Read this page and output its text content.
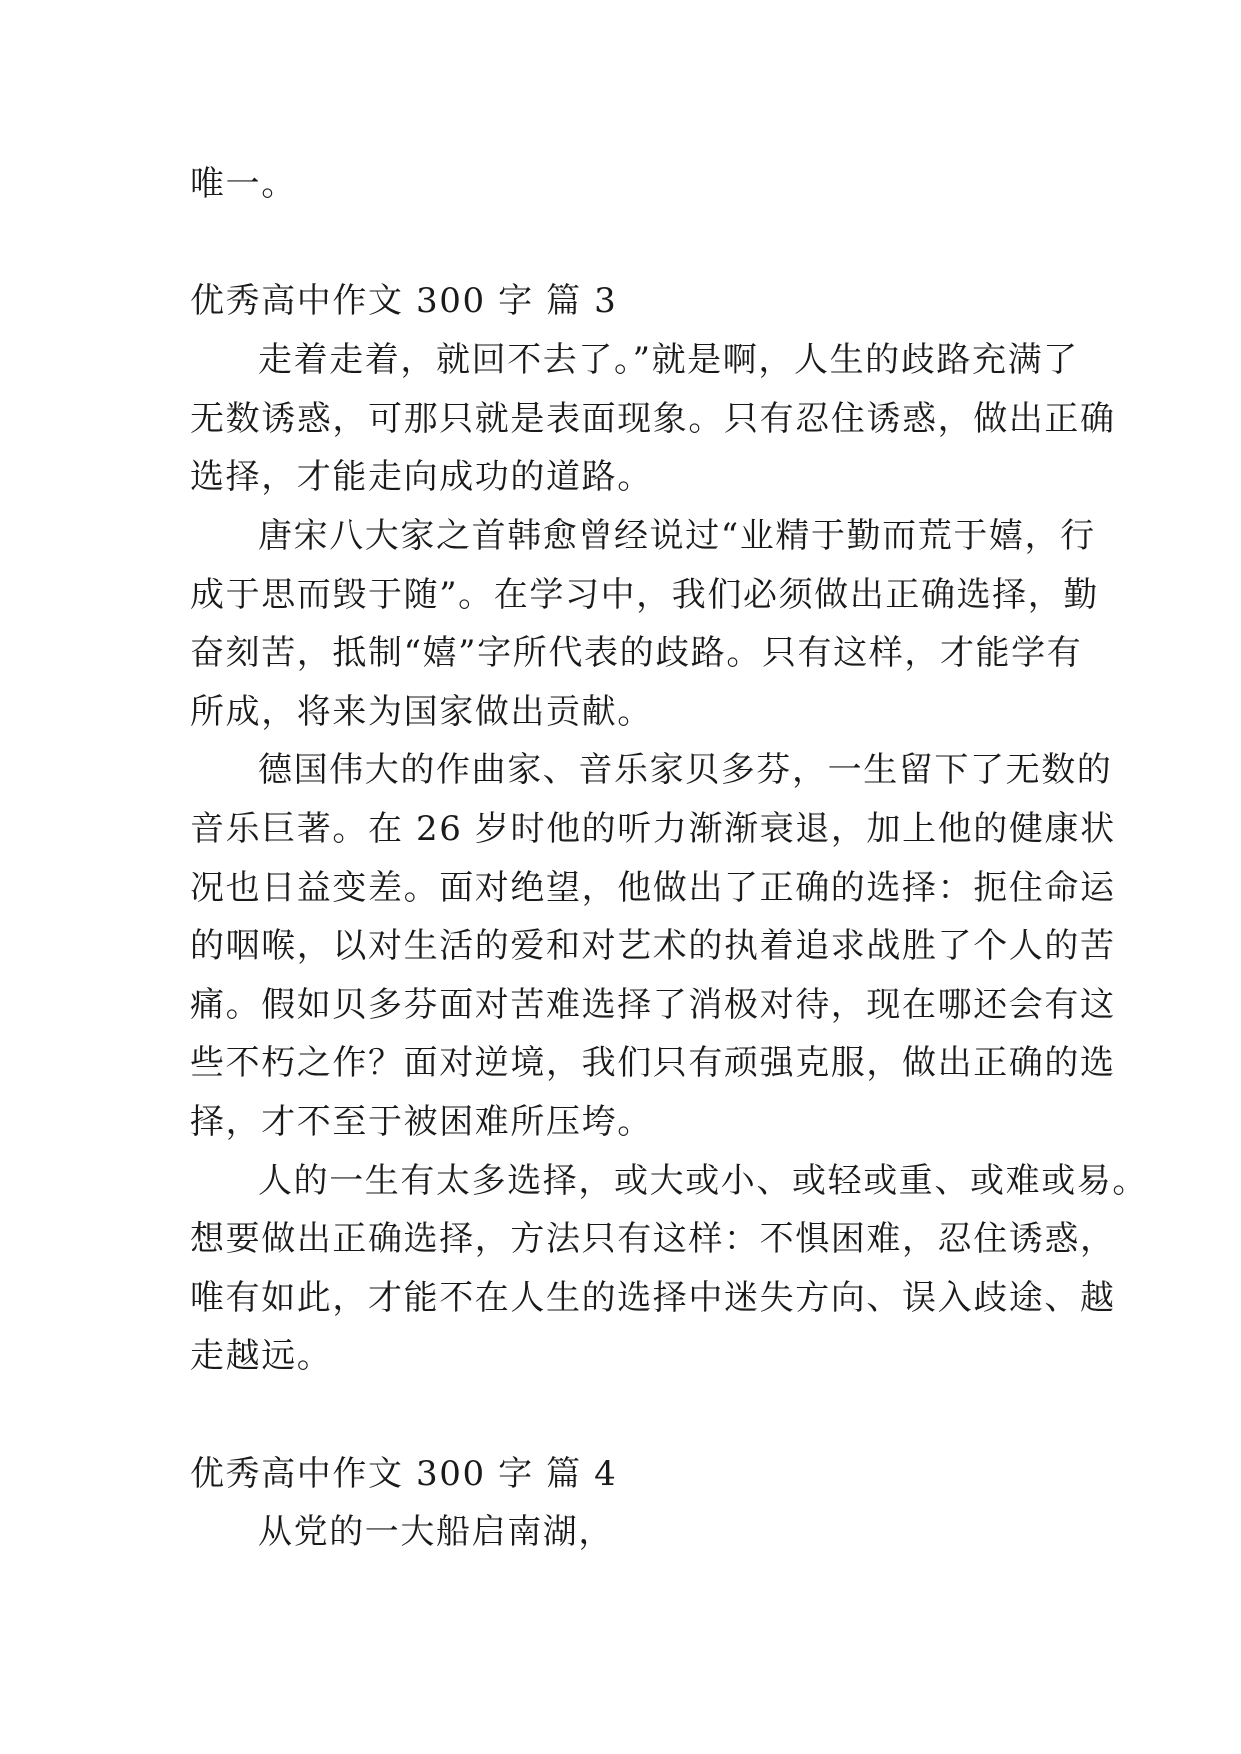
唯一。
优秀高中作文 300 字 篇 3
走着走着，就回不去了。”就是啊，人生的歧路充满了
无数诱惑，可那只就是表面现象。只有忍住诱惑，做出正确
选择，才能走向成功的道路。
唐宋八大家之首韩愈曾经说过“业精于勤而荒于嬉，行
成于思而毁于随”。在学习中，我们必须做出正确选择，勤
奋刻苦，抵制“嬉”字所代表的歧路。只有这样，才能学有
所成，将来为国家做出贡献。
德国伟大的作曲家、音乐家贝多芬，一生留下了无数的
音乐巨著。在 26 岁时他的听力渐渐衰退，加上他的健康状
况也日益变差。面对绝望，他做出了正确的选择：扼住命运
的咽喉，以对生活的爱和对艺术的执着追求战胜了个人的苦
痛。假如贝多芬面对苦难选择了消极对待，现在哪还会有这
些不朽之作？面对逆境，我们只有顽强克服，做出正确的选
择，才不至于被困难所压垮。
人的一生有太多选择，或大或小、或轻或重、或难或易。
想要做出正确选择，方法只有这样：不惧困难，忍住诱惑，
唯有如此，才能不在人生的选择中迷失方向、误入歧途、越
走越远。
优秀高中作文 300 字 篇 4
从党的一大船启南湖，
